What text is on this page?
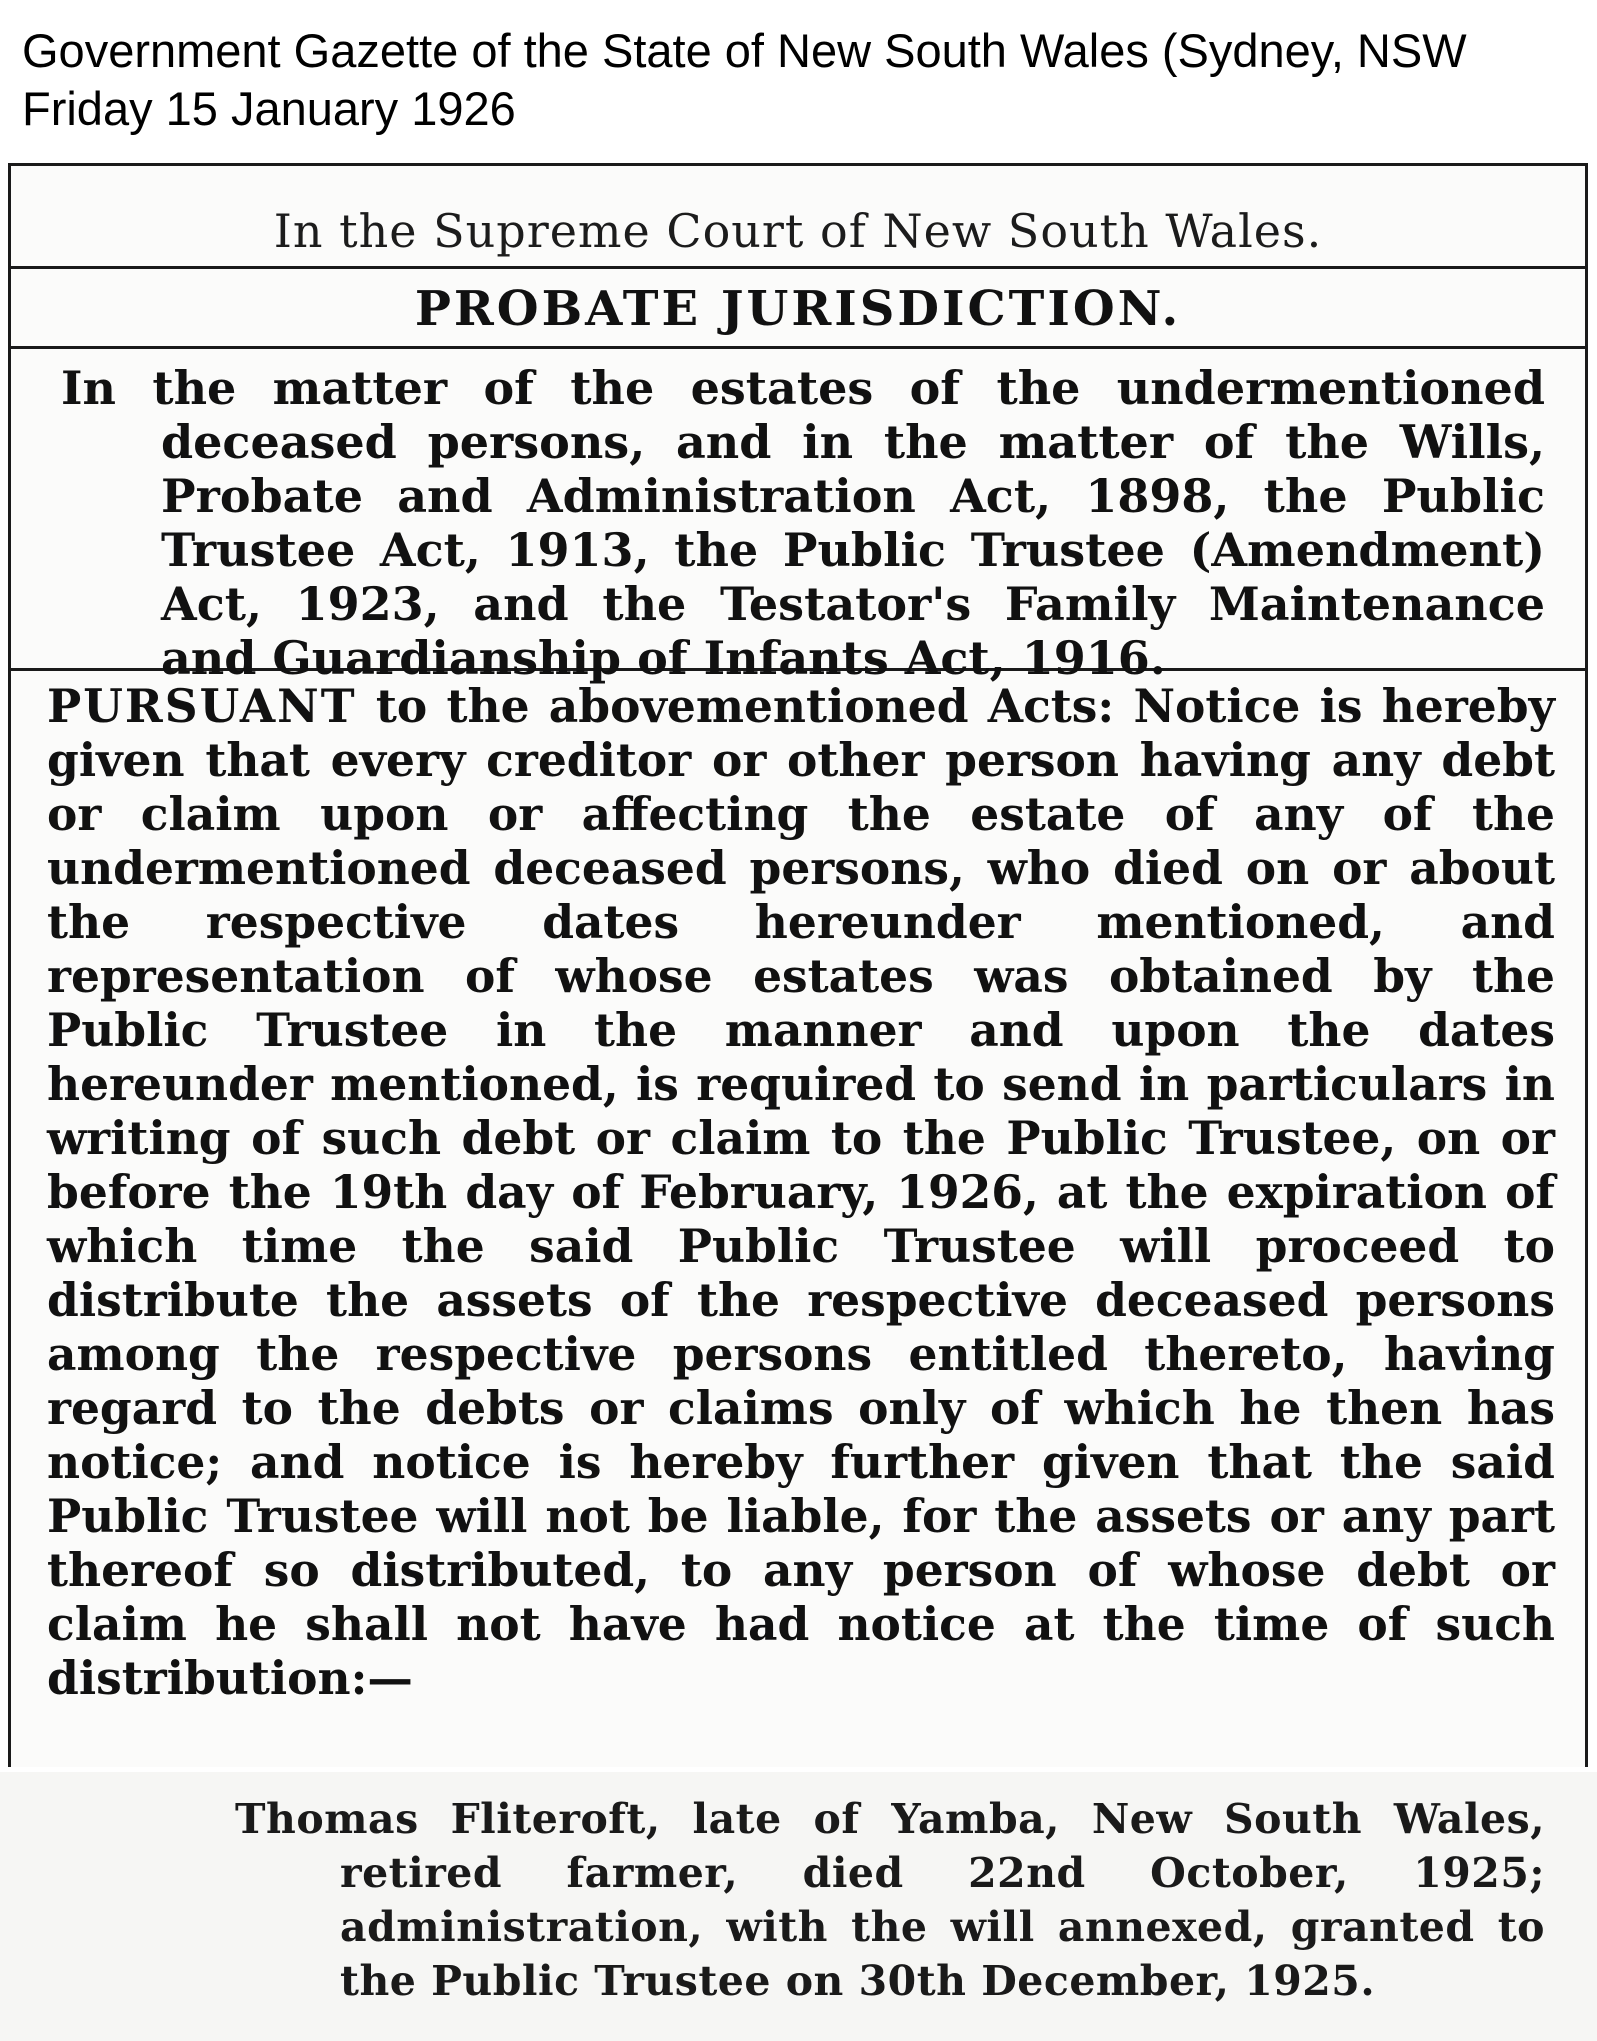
Government Gazette of the State of New South Wales (Sydney, NSW
Friday 15 January 1926
In the Supreme Court of New South Wales.
PROBATE JURISDICTION.
In the matter of the estates of the undermentioned deceased persons, and in the matter of the Wills, Probate and Administration Act, 1898, the Public Trustee Act, 1913, the Public Trustee (Amendment) Act, 1923, and the Testator's Family Maintenance and Guardianship of Infants Act, 1916.
PURSUANT to the abovementioned Acts: Notice is hereby given that every creditor or other person having any debt or claim upon or affecting the estate of any of the undermentioned deceased persons, who died on or about the respective dates hereunder mentioned, and representation of whose estates was obtained by the Public Trustee in the manner and upon the dates hereunder mentioned, is required to send in particulars in writing of such debt or claim to the Public Trustee, on or before the 19th day of February, 1926, at the expiration of which time the said Public Trustee will proceed to distribute the assets of the respective deceased persons among the respective persons entitled thereto, having regard to the debts or claims only of which he then has notice; and notice is hereby further given that the said Public Trustee will not be liable, for the assets or any part thereof so distributed, to any person of whose debt or claim he shall not have had notice at the time of such distribution:—
Thomas Fliteroft, late of Yamba, New South Wales, retired farmer, died 22nd October, 1925; administration, with the will annexed, granted to the Public Trustee on 30th December, 1925.
